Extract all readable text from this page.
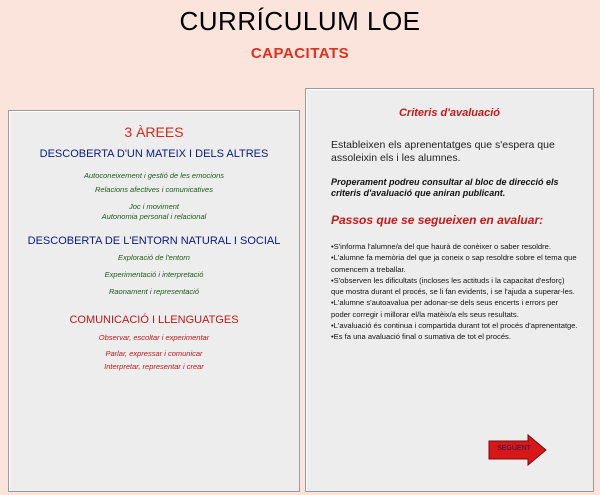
CURRÍCULUM LOE
CAPACITATS
3 ÀREES
DESCOBERTA D'UN MATEIX I DELS ALTRES
Autoconeixement i gestió de les emocions
Relacions afectives i comunicatives
Joc i moviment
Autonomia personal i relacional
DESCOBERTA DE L'ENTORN NATURAL I SOCIAL
Exploració de l'entorn
Experimentació i interpretació
Raonament i representació
COMUNICACIÓ I LLENGUATGES
Observar, escoltar i experimentar
Parlar, expressar i comunicar
Interpretar, representar i crear
Criteris d'avaluació
Estableixen els aprenentatges que s'espera que assoleixin els i les alumnes.
Properament podreu consultar al bloc de direcció els criteris d'avaluació que aniran publicant.
Passos que se segueixen en avaluar:

• S'informa l'alumne/a del que haurà de conèixer o saber resoldre.

• L'alumne fa memòria del que ja coneix o sap resoldre sobre el tema que comencem a treballar.

• S'observen les dificultats (incloses les actituds i la capacitat d'esforç) que mostra durant el procés, se li fan evidents, i se l'ajuda a superar-les.

• L'alumne s'autoavalua per adonar-se dels seus encerts i errors per poder corregir i millorar el/la matèix/a els seus resultats.

• L'avaluació és continua i compartida durant tot el procés d'aprenentatge.

• Es fa una avaluació final o sumativa de tot el procés.

SEGÜENT
